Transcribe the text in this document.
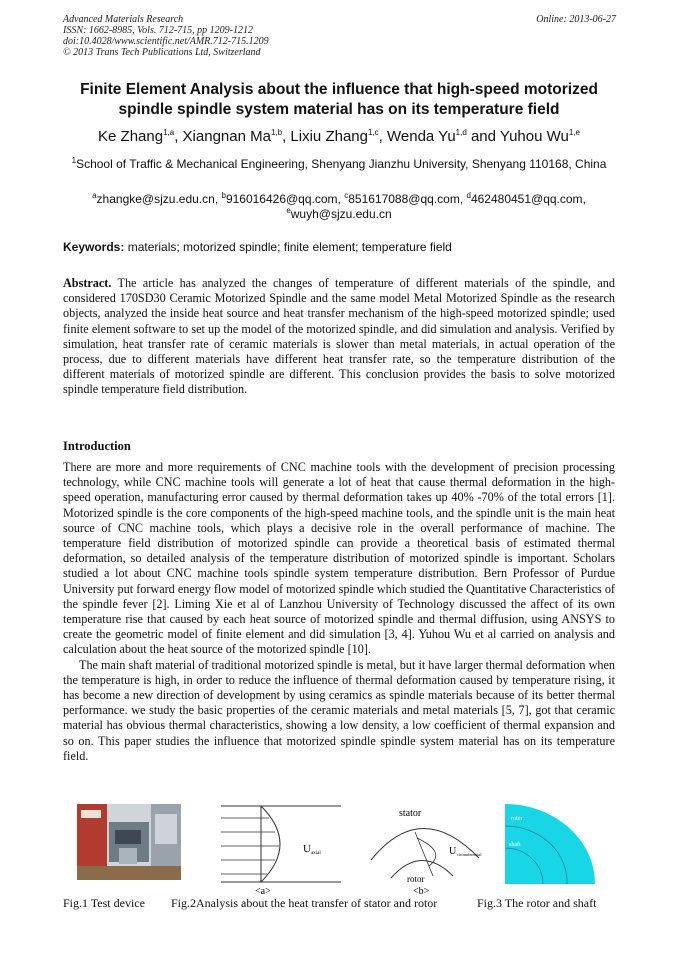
Advanced Materials Research
ISSN: 1662-8985, Vols. 712-715, pp 1209-1212
doi:10.4028/www.scientific.net/AMR.712-715.1209
© 2013 Trans Tech Publications Ltd, Switzerland
Online: 2013-06-27
Finite Element Analysis about the influence that high-speed motorized spindle spindle system material has on its temperature field
Ke Zhang$^{1,a}$, Xiangnan Ma$^{1,b}$, Lixiu Zhang$^{1,c}$, Wenda Yu$^{1,d}$ and Yuhou Wu$^{1,e}$
$^1$School of Traffic & Mechanical Engineering, Shenyang Jianzhu University, Shenyang 110168, China
$^a$zhangke@sjzu.edu.cn, $^b$916016426@qq.com, $^c$851617088@qq.com, $^d$462480451@qq.com,
$^e$wuyh@sjzu.edu.cn
Keywords: materials; motorized spindle; finite element; temperature field
Abstract. The article has analyzed the changes of temperature of different materials of the spindle, and considered 170SD30 Ceramic Motorized Spindle and the same model Metal Motorized Spindle as the research objects, analyzed the inside heat source and heat transfer mechanism of the high-speed motorized spindle; used finite element software to set up the model of the motorized spindle, and did simulation and analysis. Verified by simulation, heat transfer rate of ceramic materials is slower than metal materials, in actual operation of the process, due to different materials have different heat transfer rate, so the temperature distribution of the different materials of motorized spindle are different. This conclusion provides the basis to solve motorized spindle temperature field distribution.
Introduction

There are more and more requirements of CNC machine tools with the development of precision processing technology, while CNC machine tools will generate a lot of heat that cause thermal deformation in the high-speed operation, manufacturing error caused by thermal deformation takes up 40% -70% of the total errors [1]. Motorized spindle is the core components of the high-speed machine tools, and the spindle unit is the main heat source of CNC machine tools, which plays a decisive role in the overall performance of machine. The temperature field distribution of motorized spindle can provide a theoretical basis of estimated thermal deformation, so detailed analysis of the temperature distribution of motorized spindle is important. Scholars studied a lot about CNC machine tools spindle system temperature distribution. Bern Professor of Purdue University put forward energy flow model of motorized spindle which studied the Quantitative Characteristics of the spindle fever [2]. Liming Xie et al of Lanzhou University of Technology discussed the affect of its own temperature rise that caused by each heat source of motorized spindle and thermal diffusion, using ANSYS to create the geometric model of finite element and did simulation [3, 4]. Yuhou Wu et al carried on analysis and calculation about the heat source of the motorized spindle [10].

The main shaft material of traditional motorized spindle is metal, but it have larger thermal deformation when the temperature is high, in order to reduce the influence of thermal deformation caused by temperature rising, it has become a new direction of development by using ceramics as spindle materials because of its better thermal performance. we study the basic properties of the ceramic materials and metal materials [5, 7], got that ceramic material has obvious thermal characteristics, showing a low density, a low coefficient of thermal expansion and so on. This paper studies the influence that motorized spindle spindle system material has on its temperature field.

U axial
<a>
stator
U circumferential
rotor
<b>
rotor
shaft
Fig.1 Test device Fig.2Analysis about the heat transfer of stator and rotor	Fig.3 The rotor and shaft
